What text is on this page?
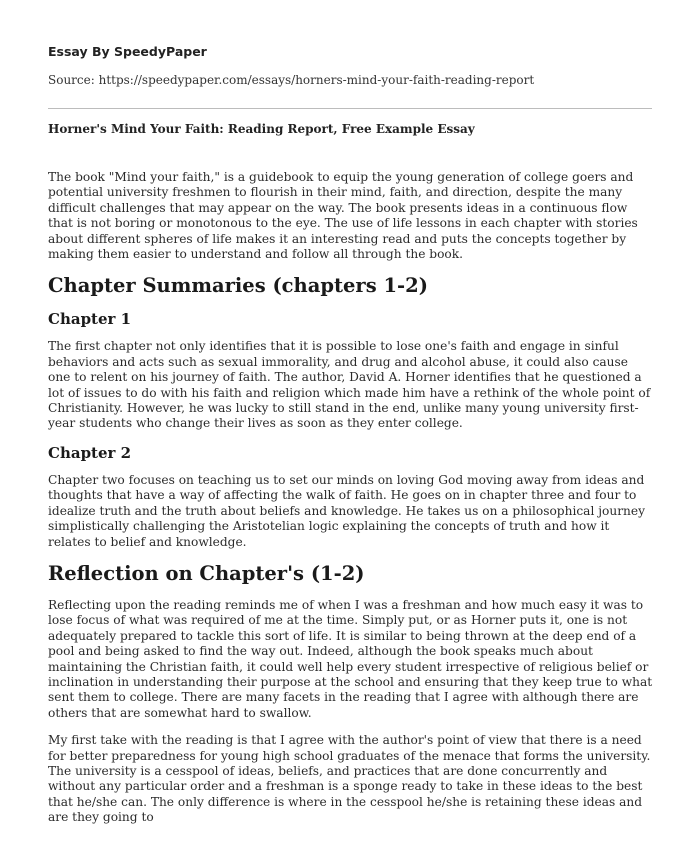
Essay By SpeedyPaper
Source: https://speedypaper.com/essays/horners-mind-your-faith-reading-report
Horner's Mind Your Faith: Reading Report, Free Example Essay

The book "Mind your faith," is a guidebook to equip the young generation of college goers and potential university freshmen to flourish in their mind, faith, and direction, despite the many difficult challenges that may appear on the way. The book presents ideas in a continuous flow that is not boring or monotonous to the eye. The use of life lessons in each chapter with stories about different spheres of life makes it an interesting read and puts the concepts together by making them easier to understand and follow all through the book.

Chapter Summaries (chapters 1-2)
Chapter 1

The first chapter not only identifies that it is possible to lose one's faith and engage in sinful behaviors and acts such as sexual immorality, and drug and alcohol abuse, it could also cause one to relent on his journey of faith. The author, David A. Horner identifies that he questioned a lot of issues to do with his faith and religion which made him have a rethink of the whole point of Christianity. However, he was lucky to still stand in the end, unlike many young university first-year students who change their lives as soon as they enter college.

Chapter 2

Chapter two focuses on teaching us to set our minds on loving God moving away from ideas and thoughts that have a way of affecting the walk of faith. He goes on in chapter three and four to idealize truth and the truth about beliefs and knowledge. He takes us on a philosophical journey simplistically challenging the Aristotelian logic explaining the concepts of truth and how it relates to belief and knowledge.

Reflection on Chapter's (1-2)

Reflecting upon the reading reminds me of when I was a freshman and how much easy it was to lose focus of what was required of me at the time. Simply put, or as Horner puts it, one is not adequately prepared to tackle this sort of life. It is similar to being thrown at the deep end of a pool and being asked to find the way out. Indeed, although the book speaks much about maintaining the Christian faith, it could well help every student irrespective of religious belief or inclination in understanding their purpose at the school and ensuring that they keep true to what sent them to college. There are many facets in the reading that I agree with although there are others that are somewhat hard to swallow.

My first take with the reading is that I agree with the author's point of view that there is a need for better preparedness for young high school graduates of the menace that forms the university. The university is a cesspool of ideas, beliefs, and practices that are done concurrently and without any particular order and a freshman is a sponge ready to take in these ideas to the best that he/she can. The only difference is where in the cesspool he/she is retaining these ideas and are they going to
